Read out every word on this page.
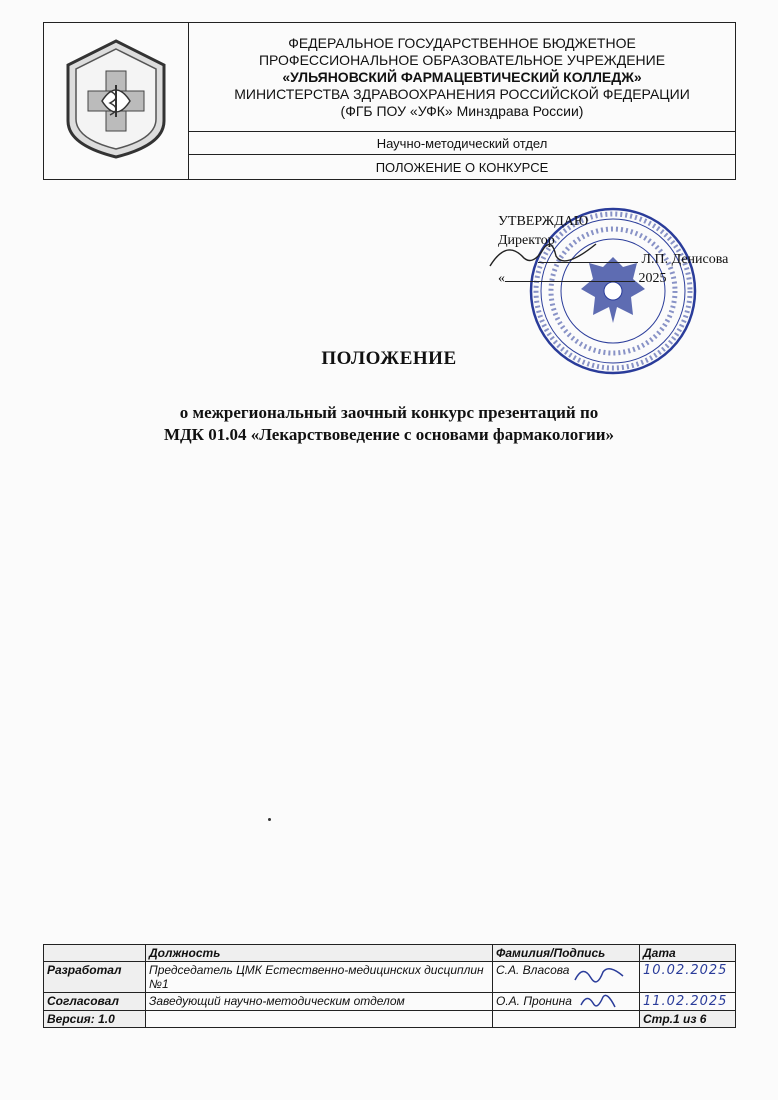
ФЕДЕРАЛЬНОЕ ГОСУДАРСТВЕННОЕ БЮДЖЕТНОЕ
ПРОФЕССИОНАЛЬНОЕ ОБРАЗОВАТЕЛЬНОЕ УЧРЕЖДЕНИЕ
«УЛЬЯНОВСКИЙ ФАРМАЦЕВТИЧЕСКИЙ КОЛЛЕДЖ»
МИНИСТЕРСТВА ЗДРАВООХРАНЕНИЯ РОССИЙСКОЙ ФЕДЕРАЦИИ
(ФГБ ПОУ «УФК» Минздрава России)

Научно-методический отдел
ПОЛОЖЕНИЕ О КОНКУРСЕ
УТВЕРЖДАЮ
Директор
Л.П. Денисова
«	2025
ПОЛОЖЕНИЕ
о межрегиональный заочный конкурс презентаций по
МДК 01.04 «Лекарствоведение с основами фармакологии»
	Должность	Фамилия/Подпись	Дата
Разработал	Председатель ЦМК Естественно-медицинских дисциплин №1	С.А. Власова	10.02.2025
Согласовал	Заведующий научно-методическим отделом	О.А. Пронина	11.02.2025
Версия: 1.0			Стр.1 из 6
